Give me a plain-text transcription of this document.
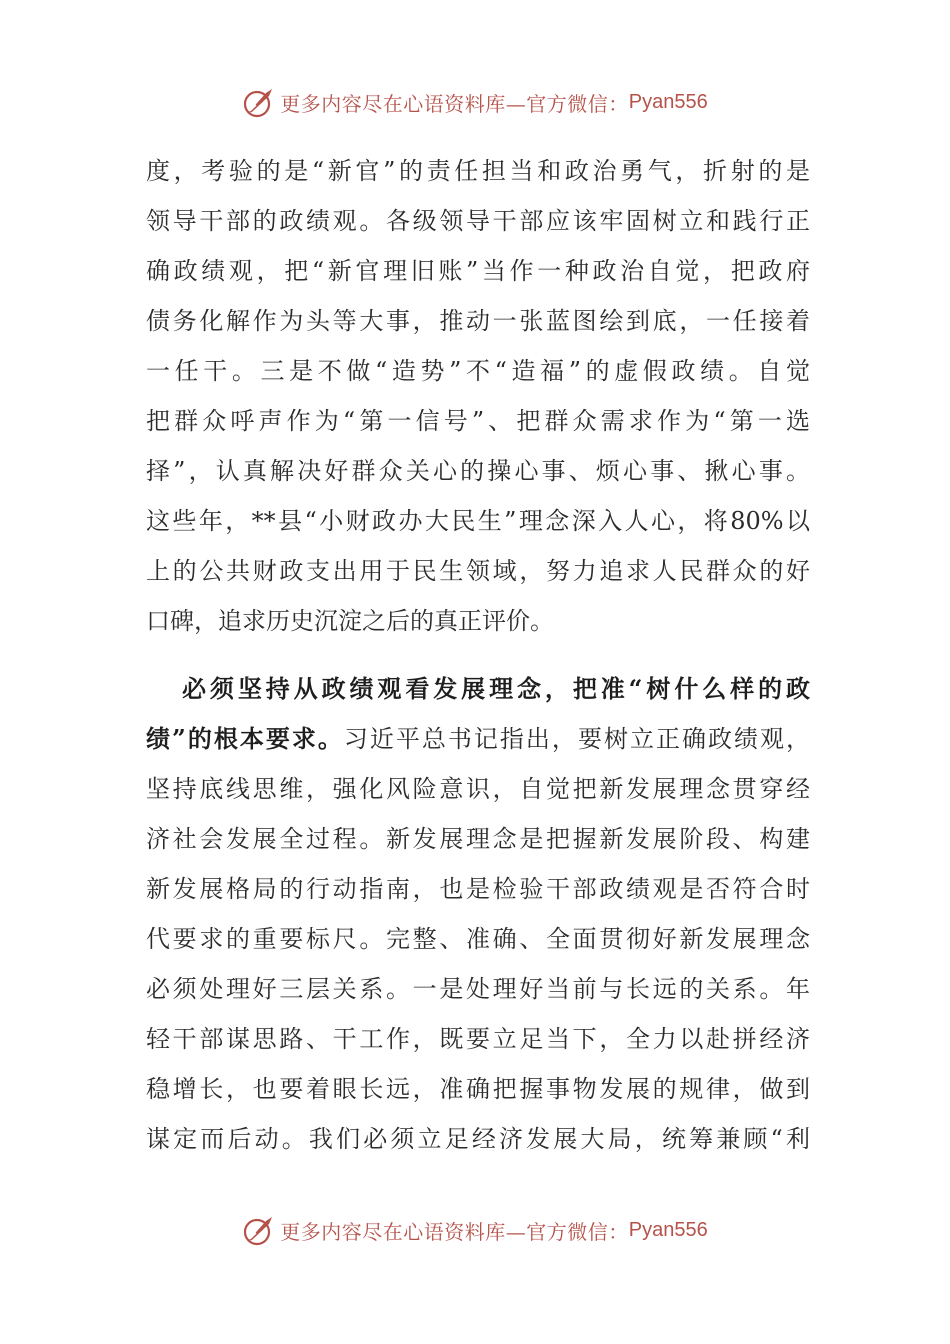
更多内容尽在心语资料库—官方微信： Pyan556
度，考验的是“新官”的责任担当和政治勇气，折射的是
领导干部的政绩观。各级领导干部应该牢固树立和践行正
确政绩观，把“新官理旧账”当作一种政治自觉，把政府
债务化解作为头等大事，推动一张蓝图绘到底，一任接着
一任干。三是不做“造势”不“造福”的虚假政绩。自觉
把群众呼声作为“第一信号”、把群众需求作为“第一选
择”，认真解决好群众关心的操心事、烦心事、揪心事。
这些年，**县“小财政办大民生”理念深入人心，将80%以
上的公共财政支出用于民生领域，努力追求人民群众的好
口碑，追求历史沉淀之后的真正评价。
必须坚持从政绩观看发展理念，把准“树什么样的政
绩”的根本要求。习近平总书记指出，要树立正确政绩观，
坚持底线思维，强化风险意识，自觉把新发展理念贯穿经
济社会发展全过程。新发展理念是把握新发展阶段、构建
新发展格局的行动指南，也是检验干部政绩观是否符合时
代要求的重要标尺。完整、准确、全面贯彻好新发展理念
必须处理好三层关系。一是处理好当前与长远的关系。年
轻干部谋思路、干工作，既要立足当下，全力以赴拼经济
稳增长，也要着眼长远，准确把握事物发展的规律，做到
谋定而后动。我们必须立足经济发展大局，统筹兼顾“利
更多内容尽在心语资料库—官方微信： Pyan556
